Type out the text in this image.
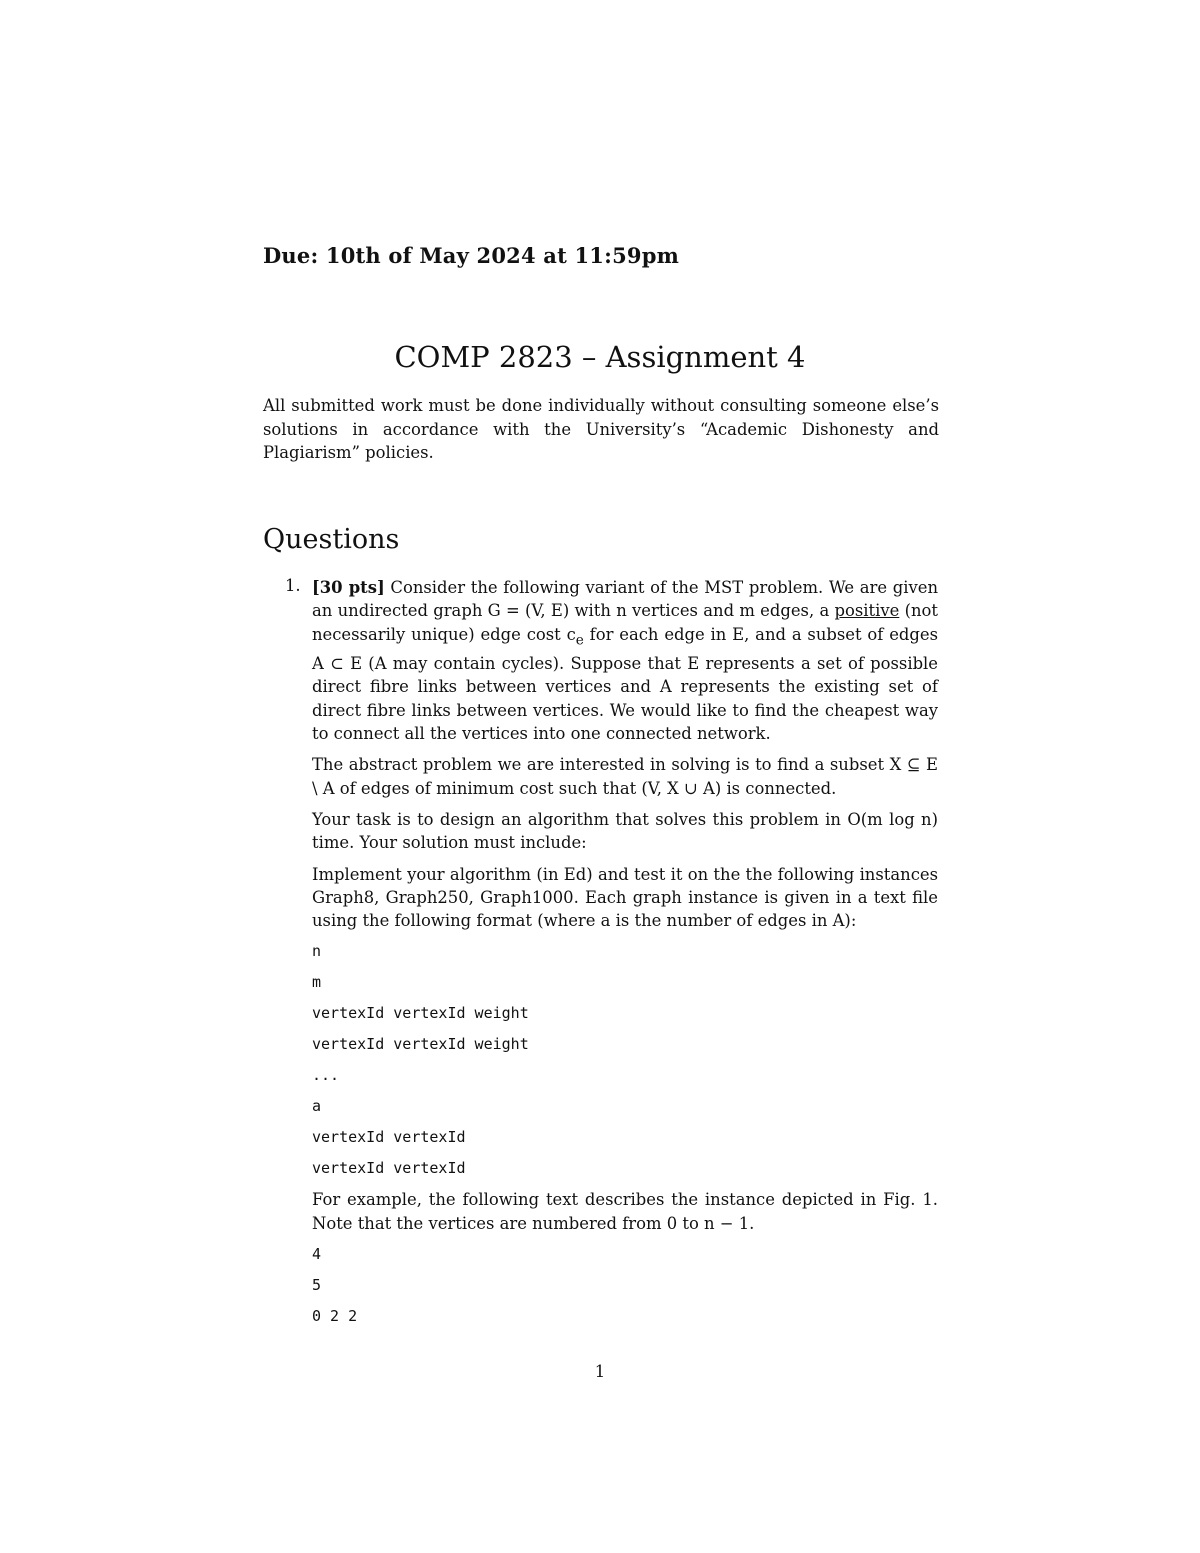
Due: 10th of May 2024 at 11:59pm
COMP 2823 – Assignment 4
All submitted work must be done individually without consulting someone else’s solutions in accordance with the University’s “Academic Dishonesty and Plagiarism” policies.
Questions
1. [30 pts] Consider the following variant of the MST problem. We are given an undirected graph G = (V, E) with n vertices and m edges, a positive (not necessarily unique) edge cost $c_e$ for each edge in E, and a subset of edges A ⊂ E (A may contain cycles). Suppose that E represents a set of possible direct fibre links between vertices and A represents the existing set of direct fibre links between vertices. We would like to find the cheapest way to connect all the vertices into one connected network.

The abstract problem we are interested in solving is to find a subset X ⊆ E \ A of edges of minimum cost such that (V, X ∪ A) is connected.

Your task is to design an algorithm that solves this problem in O(m log n) time. Your solution must include:

Implement your algorithm (in Ed) and test it on the the following instances Graph8, Graph250, Graph1000. Each graph instance is given in a text file using the following format (where a is the number of edges in A):

n
m
vertexId vertexId weight
vertexId vertexId weight
...
a
vertexId vertexId
vertexId vertexId

For example, the following text describes the instance depicted in Fig. 1. Note that the vertices are numbered from 0 to n − 1.

4
5
0 2 2
1
